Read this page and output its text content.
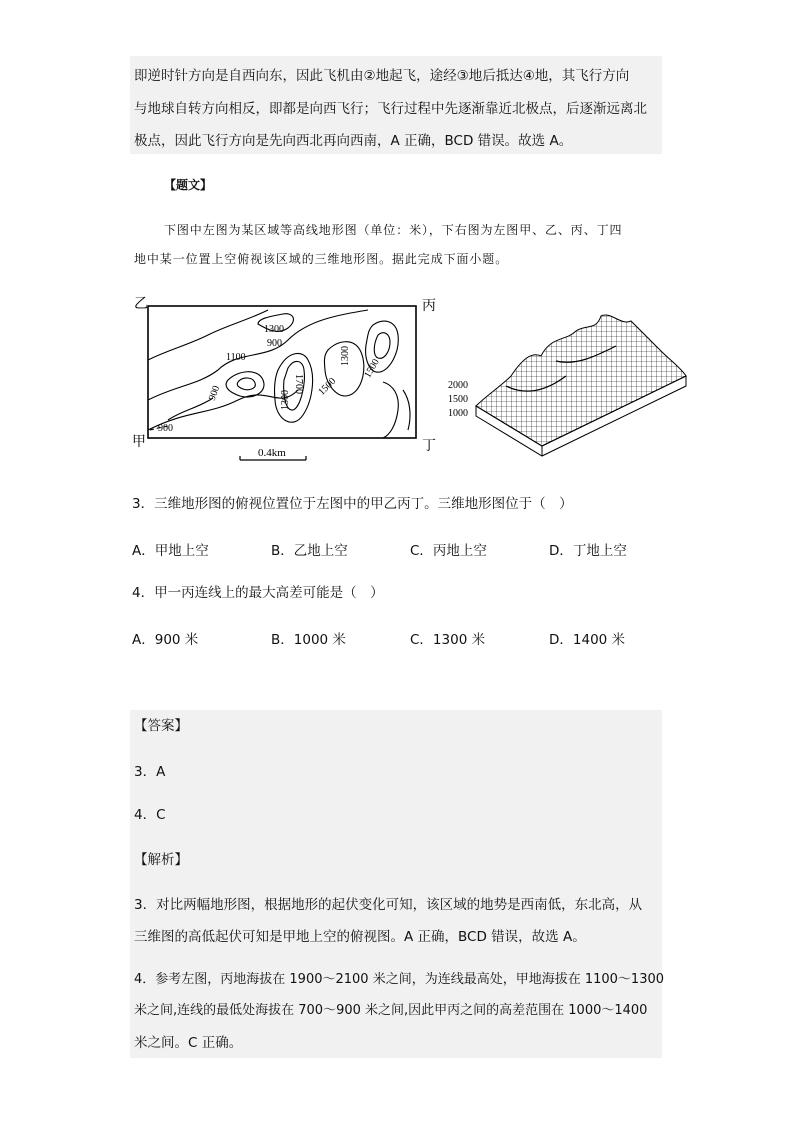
即逆时针方向是自西向东，因此飞机由②地起飞，途经③地后抵达④地，其飞行方向
与地球自转方向相反，即都是向西飞行；飞行过程中先逐渐靠近北极点，后逐渐远离北
极点，因此飞行方向是先向西北再向西南，A 正确，BCD 错误。故选 A。
【题文】
下图中左图为某区域等高线地形图（单位：米），下右图为左图甲、乙、丙、丁四
地中某一位置上空俯视该区域的三维地形图。据此完成下面小题。
乙	丙
甲	丁
1300
900
1100
900
900
1300
1700
1300
1500
1500
0.4km
2000
1500
1000
3．三维地形图的俯视位置位于左图中的甲乙丙丁。三维地形图位于（　）
A．甲地上空	B．乙地上空	C．丙地上空	D．丁地上空
4．甲一丙连线上的最大高差可能是（　）
A．900 米	B．1000 米	C．1300 米	D．1400 米
【答案】
3．A
4．C
【解析】
3．对比两幅地形图，根据地形的起伏变化可知，该区域的地势是西南低，东北高，从
三维图的高低起伏可知是甲地上空的俯视图。A 正确，BCD 错误，故选 A。
4．参考左图，丙地海拔在 1900～2100 米之间，为连线最高处，甲地海拔在 1100～1300
米之间,连线的最低处海拔在 700～900 米之间,因此甲丙之间的高差范围在 1000～1400
米之间。C 正确。
